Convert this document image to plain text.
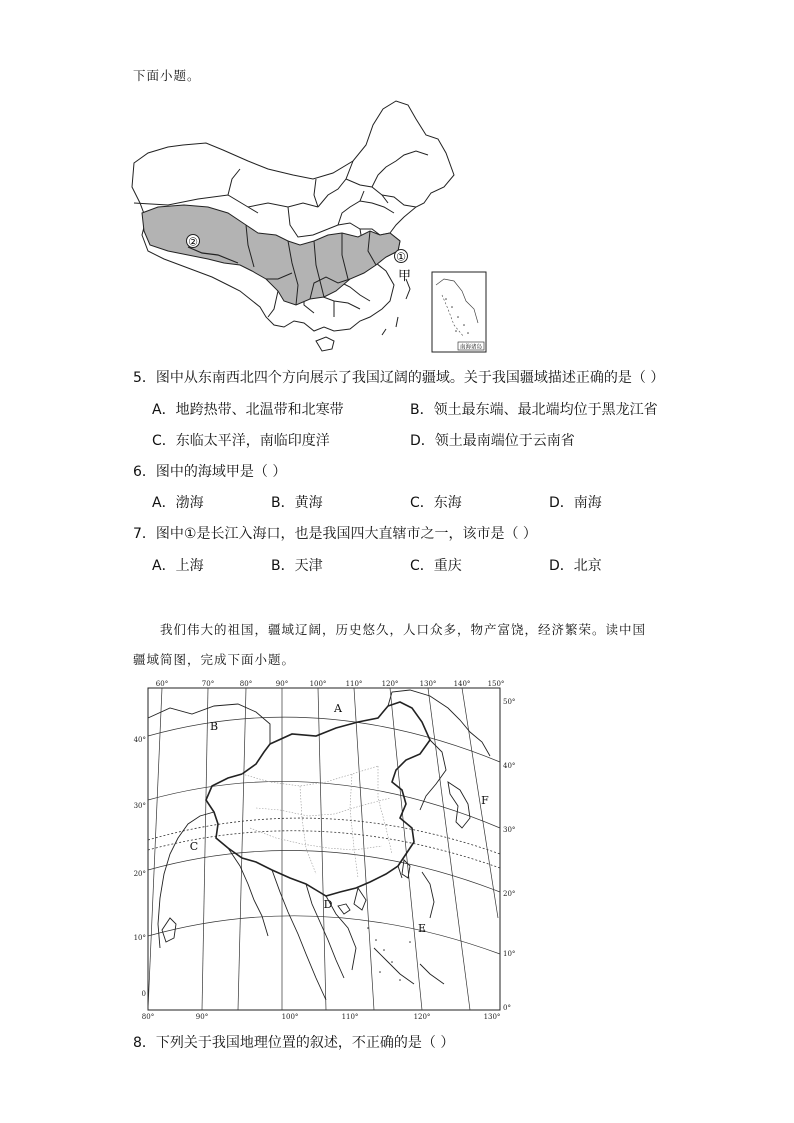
下面小题。
①
②
甲
南海诸岛
5．图中从东南西北四个方向展示了我国辽阔的疆域。关于我国疆域描述正确的是（ ）
A．地跨热带、北温带和北寒带	B．领土最东端、最北端均位于黑龙江省
C．东临太平洋，南临印度洋	D．领土最南端位于云南省
6．图中的海域甲是（ ）
A．渤海	B．黄海	C．东海	D．南海
7．图中①是长江入海口，也是我国四大直辖市之一，该市是（ ）
A．上海	B．天津	C．重庆	D．北京
我们伟大的祖国，疆域辽阔，历史悠久，人口众多，物产富饶，经济繁荣。读中国
疆域简图，完成下面小题。
60°	70°	80°	90°	100°	110°	120°	130° 140° 150°
80°	90°	100°	110°	120°	130°
40°
30°
20°
10°
0
50°
40°
30°
20°
10°
0°
A
B
C
D
E
F
8．下列关于我国地理位置的叙述，不正确的是（ ）
